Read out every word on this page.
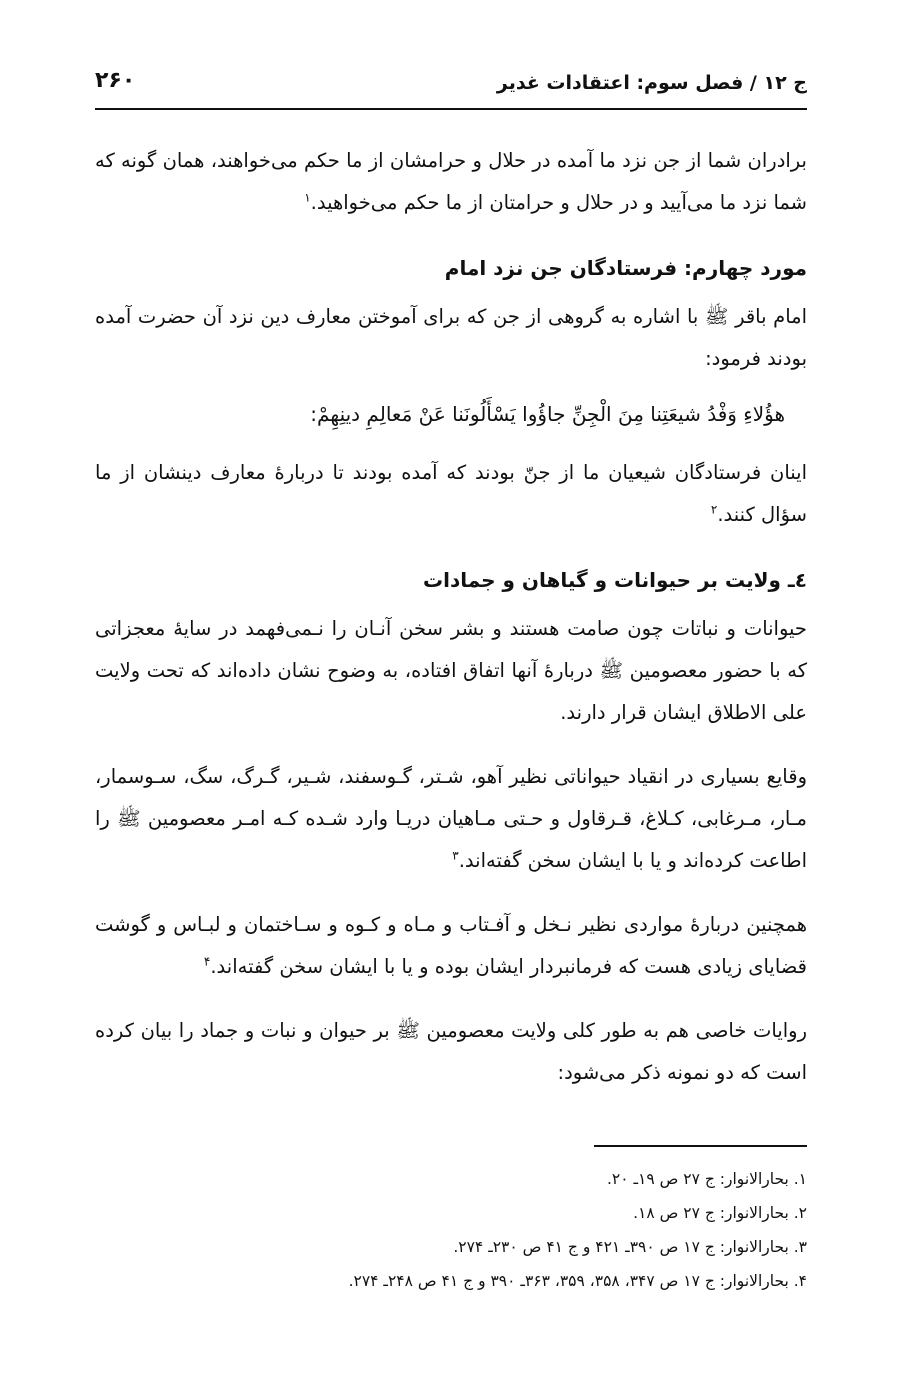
۲۶۰	ج ۱۲ / فصل سوم: اعتقادات غدیر

برادران شما از جن نزد ما آمده در حلال و حرامشان از ما حکم می‌خواهند، همان گونه که شما نزد ما می‌آیید و در حلال و حرامتان از ما حکم می‌خواهید.$^۱$

مورد چهارم: فرستادگان جن نزد امام

امام باقر ﷺ با اشاره به گروهی از جن که برای آموختن معارف دین نزد آن حضرت آمده بودند فرمود:

هؤُلاءِ وَفْدُ شیعَتِنا مِنَ الْجِنِّ جاؤُوا یَسْأَلُونَنا عَنْ مَعالِمِ دینِهِمْ:

اینان فرستادگان شیعیان ما از جنّ بودند که آمده بودند تا دربارۀ معارف دینشان از ما سؤال کنند.$^۲$

٤ـ ولایت بر حیوانات و گیاهان و جمادات

حیوانات و نباتات چون صامت هستند و بشر سخن آنـان را نـمی‌فهمد در سایۀ معجزاتی که با حضور معصومین ﷺ دربارۀ آنها اتفاق افتاده، به وضوح نشان داده‌اند که تحت ولایت علی الاطلاق ایشان قرار دارند.

وقایع بسیاری در انقیاد حیواناتی نظیر آهو، شـتر، گـوسفند، شـیر، گـرگ، سگ، سـوسمار، مـار، مـرغابی، کـلاغ، قـرقاول و حـتی مـاهیان دریـا وارد شـده کـه امـر معصومین ﷺ را اطاعت کرده‌اند و یا با ایشان سخن گفته‌اند.$^۳$

همچنین دربارۀ مواردی نظیر نـخل و آفـتاب و مـاه و کـوه و سـاختمان و لبـاس و گوشت قضایای زیادی هست که فرمانبردار ایشان بوده و یا با ایشان سخن گفته‌اند.$^۴$

روایات خاصی هم به طور کلی ولایت معصومین ﷺ بر حیوان و نبات و جماد را بیان کرده است که دو نمونه ذکر می‌شود:

۱. بحارالانوار: ج ۲۷ ص ۱۹ـ ۲۰.
۲. بحارالانوار: ج ۲۷ ص ۱۸.
۳. بحارالانوار: ج ۱۷ ص ۳۹۰ـ ۴۲۱ و ج ۴۱ ص ۲۳۰ـ ۲۷۴.
۴. بحارالانوار: ج ۱۷ ص ۳۴۷، ۳۵۸، ۳۵۹، ۳۶۳ـ ۳۹۰ و ج ۴۱ ص ۲۴۸ـ ۲۷۴.
